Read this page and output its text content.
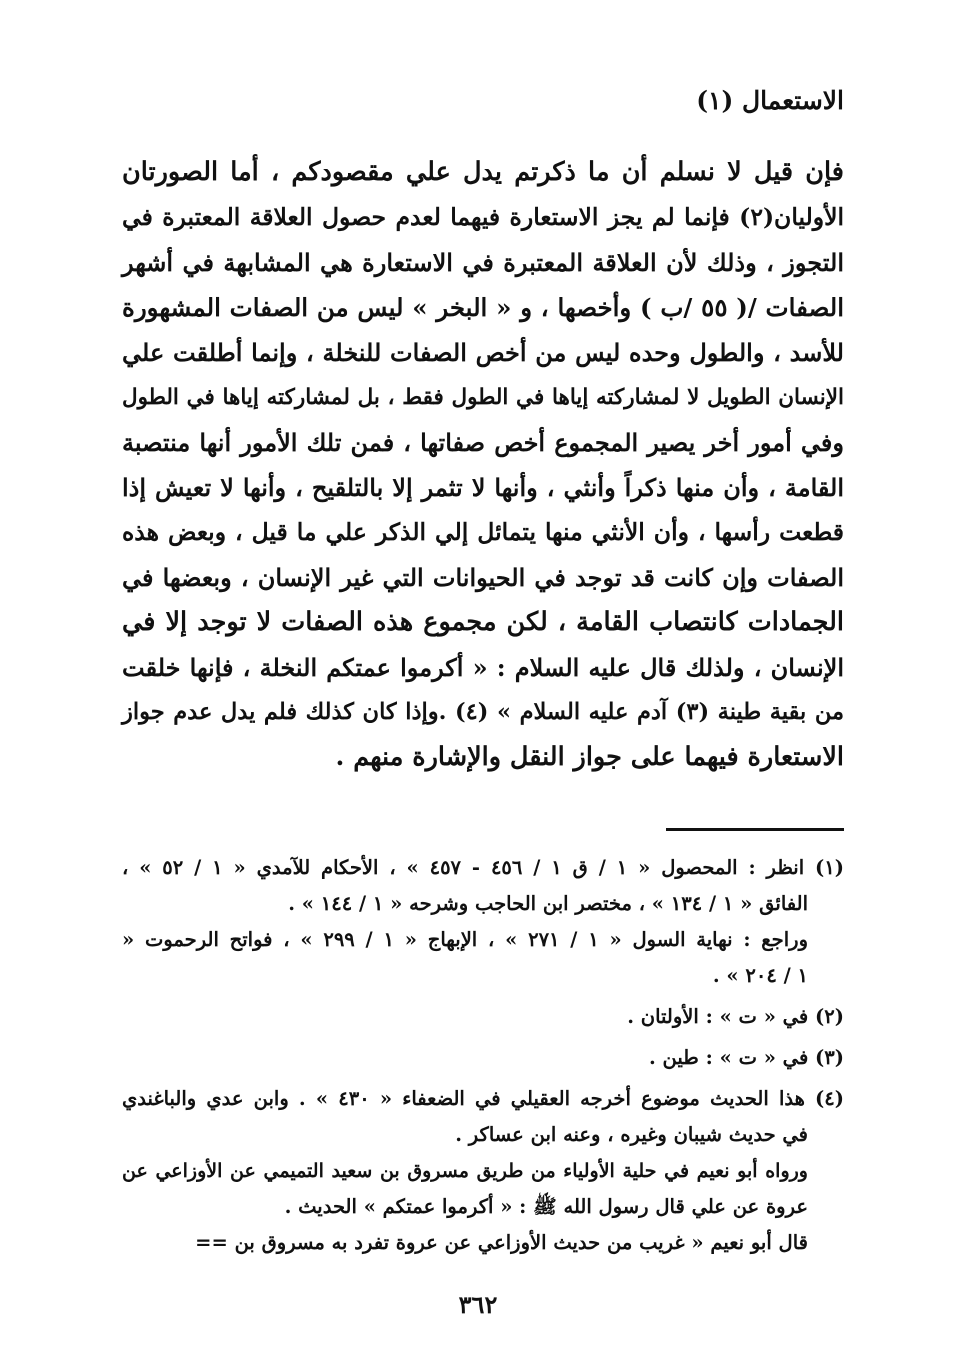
الاستعمال (١)
فإن قيل لا نسلم أن ما ذكرتم يدل علي مقصودكم ، أما الصورتان
الأوليان(٢) فإنما لم يجز الاستعارة فيهما لعدم حصول العلاقة المعتبرة في
التجوز ، وذلك لأن العلاقة المعتبرة في الاستعارة هي المشابهة في أشهر
الصفات /( ٥٥ /ب ) وأخصها ، و « البخر » ليس من الصفات المشهورة
للأسد ، والطول وحده ليس من أخص الصفات للنخلة ، وإنما أطلقت علي
الإنسان الطويل لا لمشاركته إياها في الطول فقط ، بل لمشاركته إياها في الطول
وفي أمور أخر يصير المجموع أخص صفاتها ، فمن تلك الأمور أنها منتصبة
القامة ، وأن منها ذكراً وأنثي ، وأنها لا تثمر إلا بالتلقيح ، وأنها لا تعيش إذا
قطعت رأسها ، وأن الأنثي منها يتمائل إلي الذكر علي ما قيل ، وبعض هذه
الصفات وإن كانت قد توجد في الحيوانات التي غير الإنسان ، وبعضها في
الجمادات كانتصاب القامة ، لكن مجموع هذه الصفات لا توجد إلا في
الإنسان ، ولذلك قال عليه السلام : « أكرموا عمتكم النخلة ، فإنها خلقت
من بقية طينة (٣) آدم عليه السلام » (٤) .وإذا كان كذلك فلم يدل عدم جواز
الاستعارة فيهما على جواز النقل والإشارة منهم .
(١) انظر : المحصول « ١ / ق ١ / ٤٥٦ - ٤٥٧ » ، الأحكام للآمدي « ١ / ٥٢ » ،
الفائق « ١ / ١٣٤ » ، مختصر ابن الحاجب وشرحه « ١ / ١٤٤ » .
وراجع : نهاية السول « ١ / ٢٧١ » ، الإبهاج « ١ / ٢٩٩ » ، فواتح الرحموت «
١ / ٢٠٤ » .
(٢) في « ت » : الأولتان .
(٣) في « ت » : طين .
(٤) هذا الحديث موضوع أخرجه العقيلي في الضعفاء « ٤٣٠ » . وابن عدي والباغندي
في حديث شيبان وغيره ، وعنه ابن عساكر .
ورواه أبو نعيم في حلية الأولياء من طريق مسروق بن سعيد التميمي عن الأوزاعي عن
عروة عن علي قال رسول الله ﷺ : « أكرموا عمتكم » الحديث .
قال أبو نعيم « غريب من حديث الأوزاعي عن عروة تفرد به مسروق بن ==
٣٦٢
